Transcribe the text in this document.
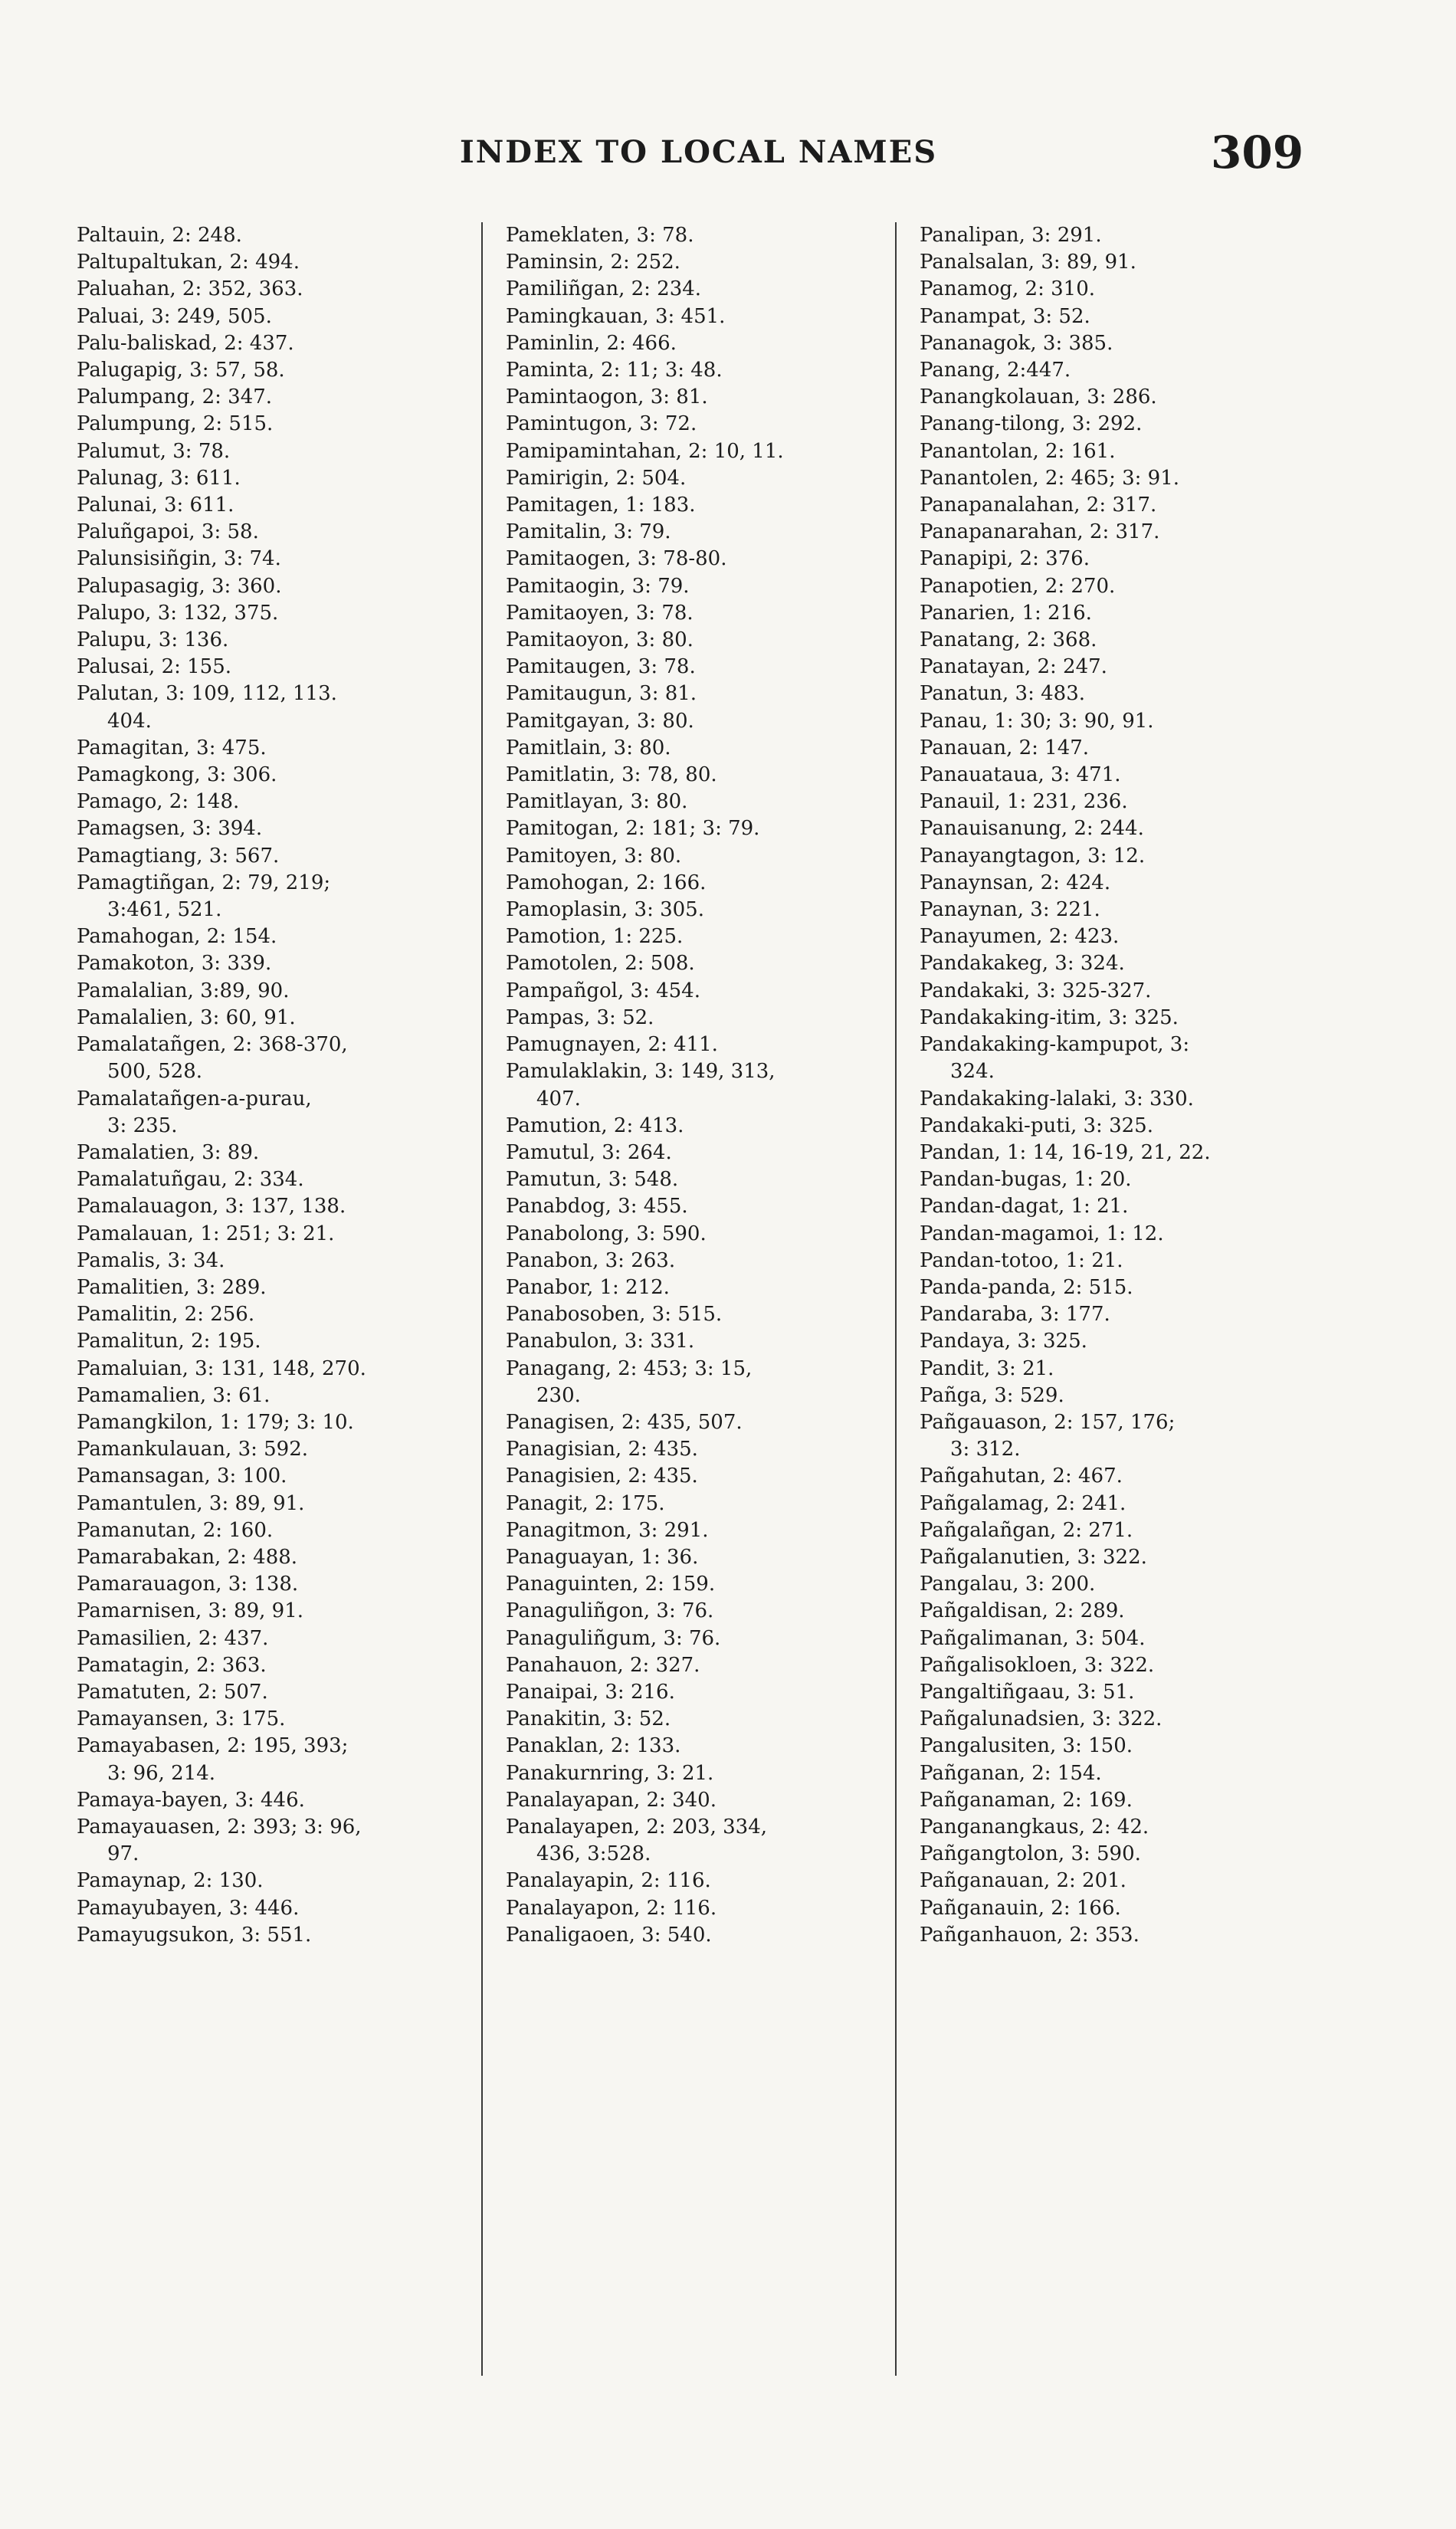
INDEX TO LOCAL NAMES	309
Paltauin, 2: 248.
Paltupaltukan, 2: 494.
Paluahan, 2: 352, 363.
Paluai, 3: 249, 505.
Palu-baliskad, 2: 437.
Palugapig, 3: 57, 58.
Palumpang, 2: 347.
Palumpung, 2: 515.
Palumut, 3: 78.
Palunag, 3: 611.
Palunai, 3: 611.
Paluñgapoi, 3: 58.
Palunsisiñgin, 3: 74.
Palupasagig, 3: 360.
Palupo, 3: 132, 375.
Palupu, 3: 136.
Palusai, 2: 155.
Palutan, 3: 109, 112, 113.
404.
Pamagitan, 3: 475.
Pamagkong, 3: 306.
Pamago, 2: 148.
Pamagsen, 3: 394.
Pamagtiang, 3: 567.
Pamagtiñgan, 2: 79, 219;
3:461, 521.
Pamahogan, 2: 154.
Pamakoton, 3: 339.
Pamalalian, 3:89, 90.
Pamalalien, 3: 60, 91.
Pamalatañgen, 2: 368-370,
500, 528.
Pamalatañgen-a-purau,
3: 235.
Pamalatien, 3: 89.
Pamalatuñgau, 2: 334.
Pamalauagon, 3: 137, 138.
Pamalauan, 1: 251; 3: 21.
Pamalis, 3: 34.
Pamalitien, 3: 289.
Pamalitin, 2: 256.
Pamalitun, 2: 195.
Pamaluian, 3: 131, 148, 270.
Pamamalien, 3: 61.
Pamangkilon, 1: 179; 3: 10.
Pamankulauan, 3: 592.
Pamansagan, 3: 100.
Pamantulen, 3: 89, 91.
Pamanutan, 2: 160.
Pamarabakan, 2: 488.
Pamarauagon, 3: 138.
Pamarnisen, 3: 89, 91.
Pamasilien, 2: 437.
Pamatagin, 2: 363.
Pamatuten, 2: 507.
Pamayansen, 3: 175.
Pamayabasen, 2: 195, 393;
3: 96, 214.
Pamaya-bayen, 3: 446.
Pamayauasen, 2: 393; 3: 96,
97.
Pamaynap, 2: 130.
Pamayubayen, 3: 446.
Pamayugsukon, 3: 551.
Pameklaten, 3: 78.
Paminsin, 2: 252.
Pamiliñgan, 2: 234.
Pamingkauan, 3: 451.
Paminlin, 2: 466.
Paminta, 2: 11; 3: 48.
Pamintaogon, 3: 81.
Pamintugon, 3: 72.
Pamipamintahan, 2: 10, 11.
Pamirigin, 2: 504.
Pamitagen, 1: 183.
Pamitalin, 3: 79.
Pamitaogen, 3: 78-80.
Pamitaogin, 3: 79.
Pamitaoyen, 3: 78.
Pamitaoyon, 3: 80.
Pamitaugen, 3: 78.
Pamitaugun, 3: 81.
Pamitgayan, 3: 80.
Pamitlain, 3: 80.
Pamitlatin, 3: 78, 80.
Pamitlayan, 3: 80.
Pamitogan, 2: 181; 3: 79.
Pamitoyen, 3: 80.
Pamohogan, 2: 166.
Pamoplasin, 3: 305.
Pamotion, 1: 225.
Pamotolen, 2: 508.
Pampañgol, 3: 454.
Pampas, 3: 52.
Pamugnayen, 2: 411.
Pamulaklakin, 3: 149, 313,
407.
Pamution, 2: 413.
Pamutul, 3: 264.
Pamutun, 3: 548.
Panabdog, 3: 455.
Panabolong, 3: 590.
Panabon, 3: 263.
Panabor, 1: 212.
Panabosoben, 3: 515.
Panabulon, 3: 331.
Panagang, 2: 453; 3: 15,
230.
Panagisen, 2: 435, 507.
Panagisian, 2: 435.
Panagisien, 2: 435.
Panagit, 2: 175.
Panagitmon, 3: 291.
Panaguayan, 1: 36.
Panaguinten, 2: 159.
Panaguliñgon, 3: 76.
Panaguliñgum, 3: 76.
Panahauon, 2: 327.
Panaipai, 3: 216.
Panakitin, 3: 52.
Panaklan, 2: 133.
Panakurnring, 3: 21.
Panalayapan, 2: 340.
Panalayapen, 2: 203, 334,
436, 3:528.
Panalayapin, 2: 116.
Panalayapon, 2: 116.
Panaligaoen, 3: 540.
Panalipan, 3: 291.
Panalsalan, 3: 89, 91.
Panamog, 2: 310.
Panampat, 3: 52.
Pananagok, 3: 385.
Panang, 2:447.
Panangkolauan, 3: 286.
Panang-tilong, 3: 292.
Panantolan, 2: 161.
Panantolen, 2: 465; 3: 91.
Panapanalahan, 2: 317.
Panapanarahan, 2: 317.
Panapipi, 2: 376.
Panapotien, 2: 270.
Panarien, 1: 216.
Panatang, 2: 368.
Panatayan, 2: 247.
Panatun, 3: 483.
Panau, 1: 30; 3: 90, 91.
Panauan, 2: 147.
Panauataua, 3: 471.
Panauil, 1: 231, 236.
Panauisanung, 2: 244.
Panayangtagon, 3: 12.
Panaynsan, 2: 424.
Panaynan, 3: 221.
Panayumen, 2: 423.
Pandakakeg, 3: 324.
Pandakaki, 3: 325-327.
Pandakaking-itim, 3: 325.
Pandakaking-kampupot, 3:
324.
Pandakaking-lalaki, 3: 330.
Pandakaki-puti, 3: 325.
Pandan, 1: 14, 16-19, 21, 22.
Pandan-bugas, 1: 20.
Pandan-dagat, 1: 21.
Pandan-magamoi, 1: 12.
Pandan-totoo, 1: 21.
Panda-panda, 2: 515.
Pandaraba, 3: 177.
Pandaya, 3: 325.
Pandit, 3: 21.
Pañga, 3: 529.
Pañgauason, 2: 157, 176;
3: 312.
Pañgahutan, 2: 467.
Pañgalamag, 2: 241.
Pañgalañgan, 2: 271.
Pañgalanutien, 3: 322.
Pangalau, 3: 200.
Pañgaldisan, 2: 289.
Pañgalimanan, 3: 504.
Pañgalisokloen, 3: 322.
Pangaltiñgaau, 3: 51.
Pañgalunadsien, 3: 322.
Pangalusiten, 3: 150.
Pañganan, 2: 154.
Pañganaman, 2: 169.
Panganangkaus, 2: 42.
Pañgangtolon, 3: 590.
Pañganauan, 2: 201.
Pañganauin, 2: 166.
Pañganhauon, 2: 353.
